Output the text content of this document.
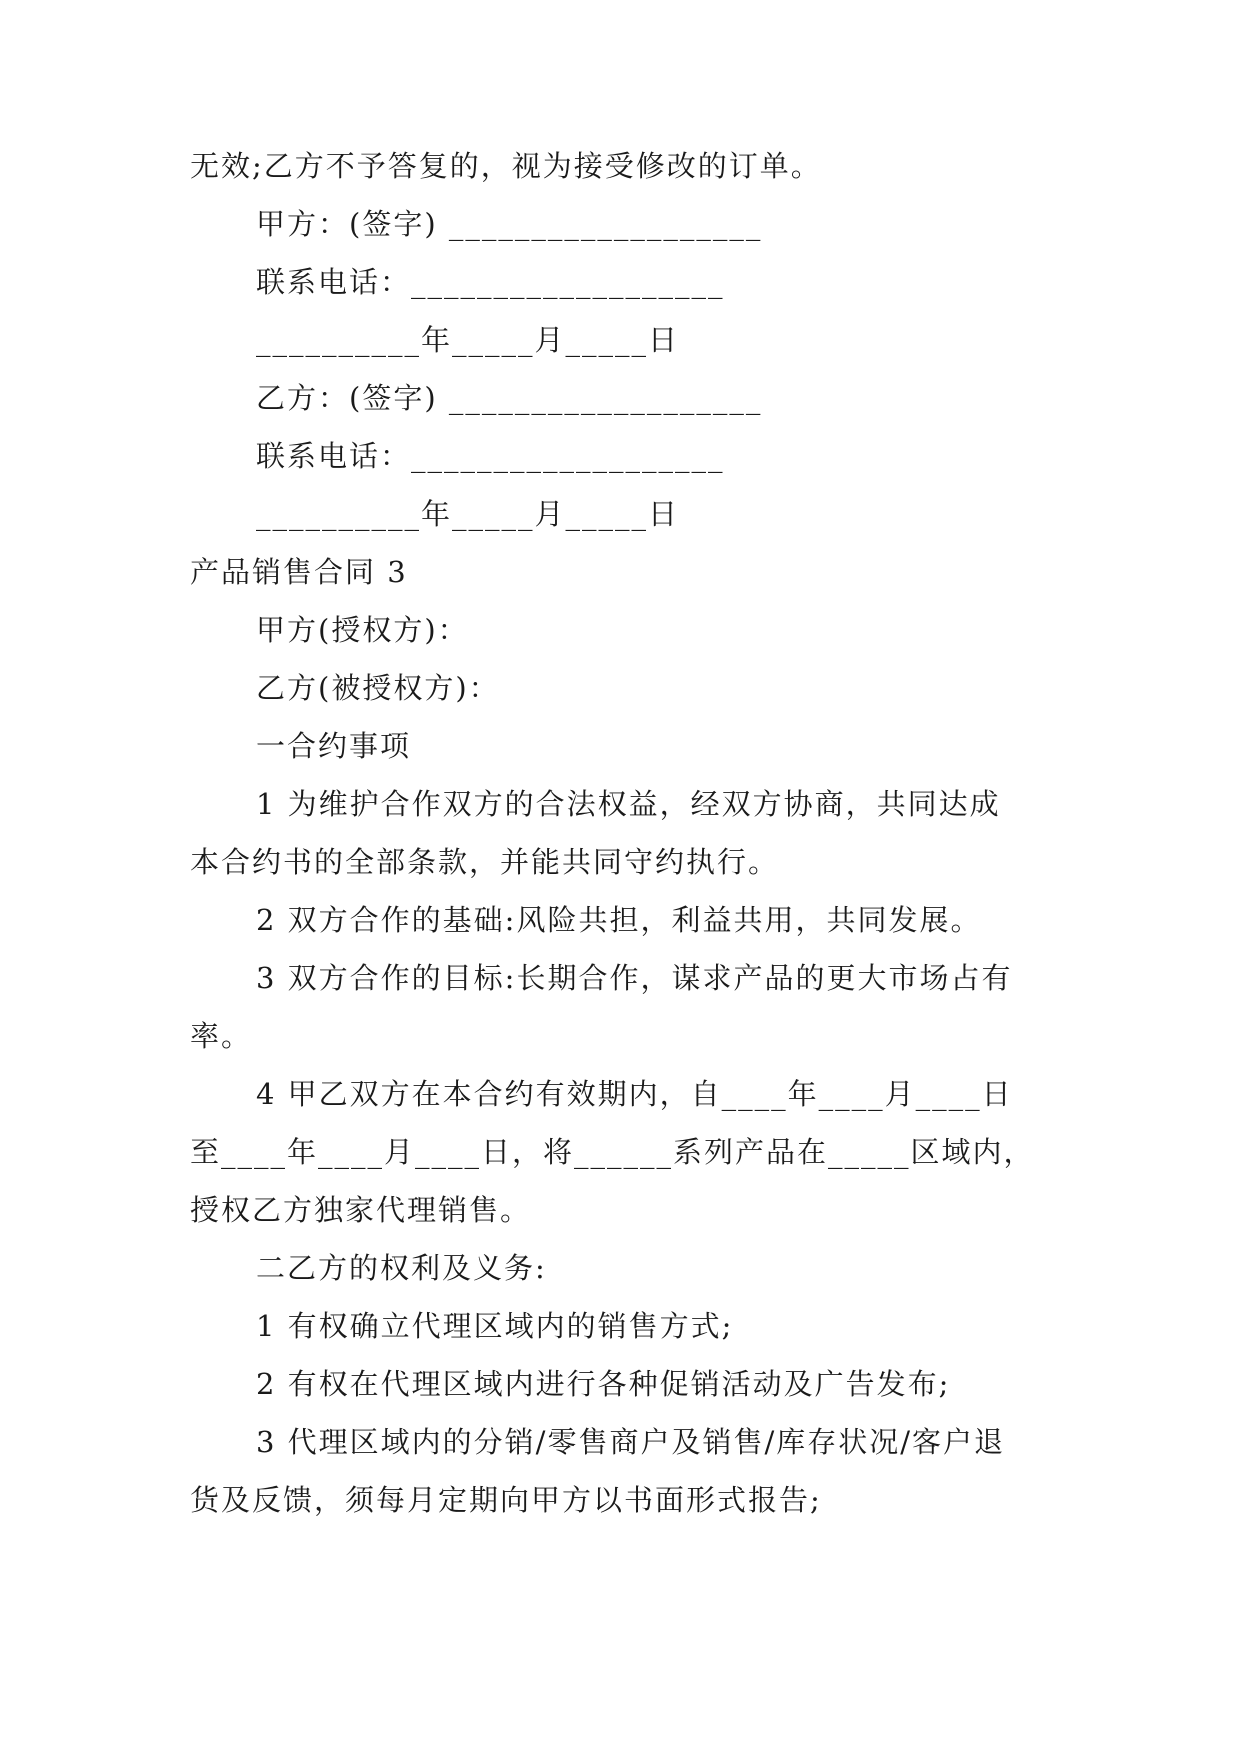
无效;乙方不予答复的，视为接受修改的订单。
甲方：(签字) ___________________
联系电话：___________________
__________年_____月_____日
乙方：(签字) ___________________
联系电话：___________________
__________年_____月_____日
产品销售合同 3
甲方(授权方)：
乙方(被授权方)：
一合约事项
1 为维护合作双方的合法权益，经双方协商，共同达成
本合约书的全部条款，并能共同守约执行。
2 双方合作的基础:风险共担，利益共用，共同发展。
3 双方合作的目标:长期合作，谋求产品的更大市场占有
率。
4 甲乙双方在本合约有效期内，自____年____月____日
至____年____月____日，将______系列产品在_____区域内，
授权乙方独家代理销售。
二乙方的权利及义务:
1 有权确立代理区域内的销售方式;
2 有权在代理区域内进行各种促销活动及广告发布;
3 代理区域内的分销/零售商户及销售/库存状况/客户退
货及反馈，须每月定期向甲方以书面形式报告;
